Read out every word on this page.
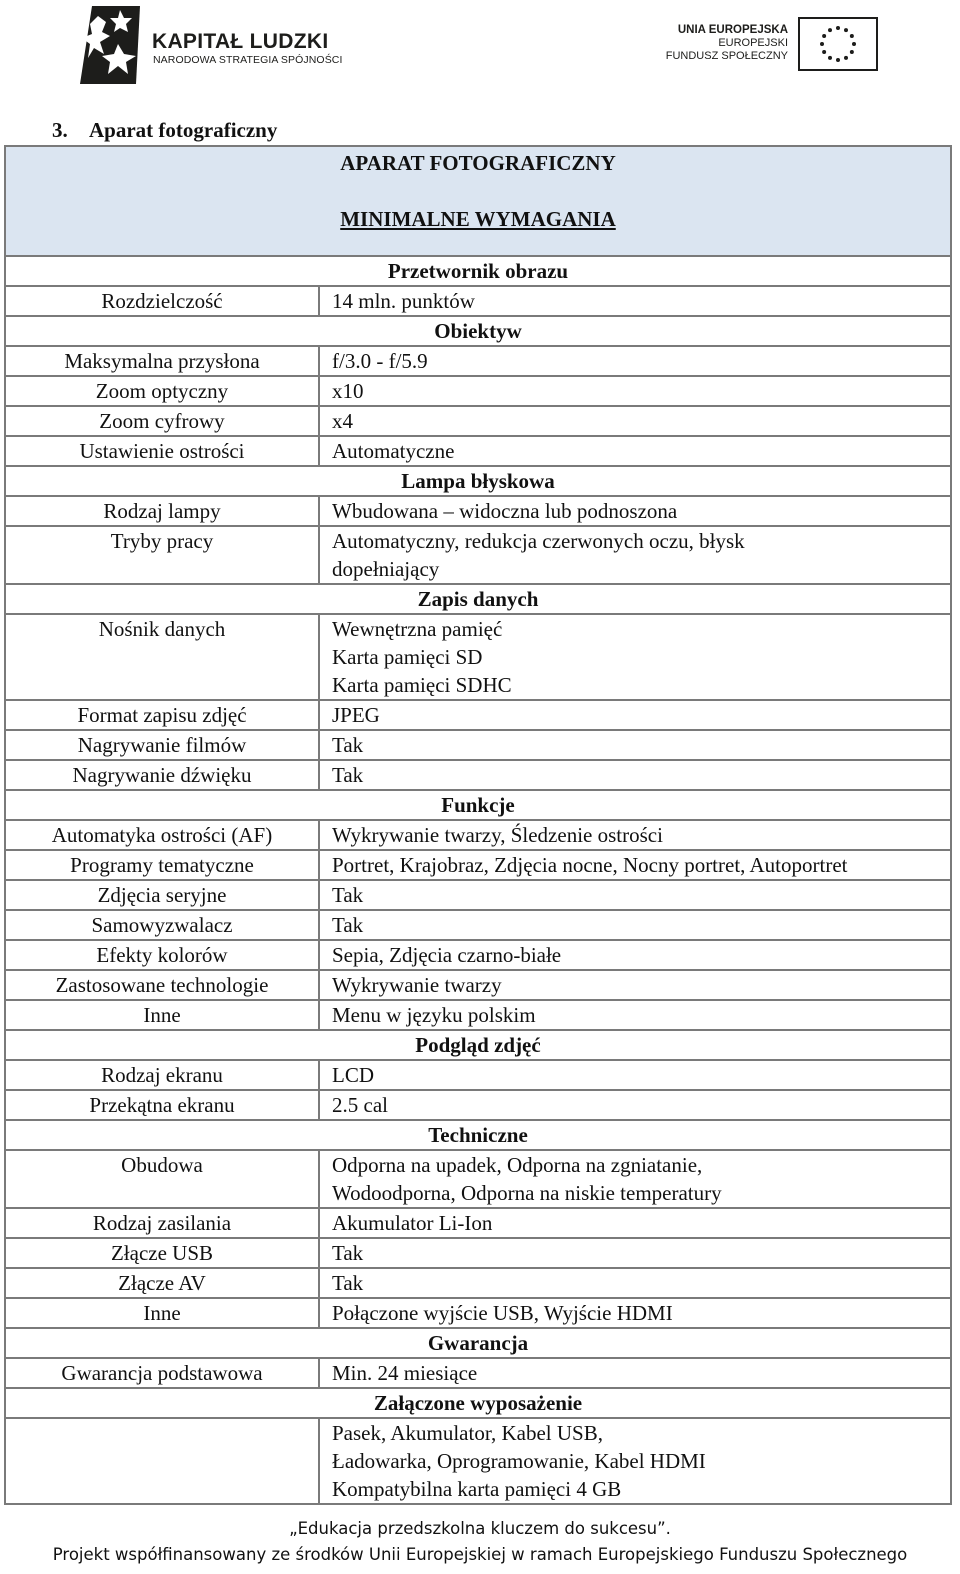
KAPITAŁ LUDZKI
NARODOWA STRATEGIA SPÓJNOŚCI
UNIA EUROPEJSKA
EUROPEJSKI
FUNDUSZ SPOŁECZNY
3. Aparat fotograficzny
APARAT FOTOGRAFICZNY
MINIMALNE WYMAGANIA	

Przetwornik obrazu	
Rozdzielczość	14 mln. punktów

Obiektyw	
Maksymalna przysłona	f/3.0 - f/5.9

Zoom optyczny	x10

Zoom cyfrowy	x4

Ustawienie ostrości	Automatyczne

Lampa błyskowa	
Rodzaj lampy	Wbudowana – widoczna lub podnoszona

Tryby pracy	Automatyczny, redukcja czerwonych oczu, błysk
dopełniający

Zapis danych	
Nośnik danych	Wewnętrzna pamięć
Karta pamięci SD
Karta pamięci SDHC

Format zapisu zdjęć	JPEG

Nagrywanie filmów	Tak

Nagrywanie dźwięku	Tak

Funkcje	
Automatyka ostrości (AF)	Wykrywanie twarzy, Śledzenie ostrości

Programy tematyczne	Portret, Krajobraz, Zdjęcia nocne, Nocny portret, Autoportret

Zdjęcia seryjne	Tak

Samowyzwalacz	Tak

Efekty kolorów	Sepia, Zdjęcia czarno-białe

Zastosowane technologie	Wykrywanie twarzy

Inne	Menu w języku polskim

Podgląd zdjęć	
Rodzaj ekranu	LCD

Przekątna ekranu	2.5 cal

Techniczne	
Obudowa	Odporna na upadek, Odporna na zgniatanie,
Wodoodporna, Odporna na niskie temperatury

Rodzaj zasilania	Akumulator Li-Ion

Złącze USB	Tak

Złącze AV	Tak

Inne	Połączone wyjście USB, Wyjście HDMI

Gwarancja	
Gwarancja podstawowa	Min. 24 miesiące

Załączone wyposażenie	

	Pasek, Akumulator, Kabel USB,
Ładowarka, Oprogramowanie, Kabel HDMI
Kompatybilna karta pamięci 4 GB
„Edukacja przedszkolna kluczem do sukcesu”.
Projekt współfinansowany ze środków Unii Europejskiej w ramach Europejskiego Funduszu Społecznego
